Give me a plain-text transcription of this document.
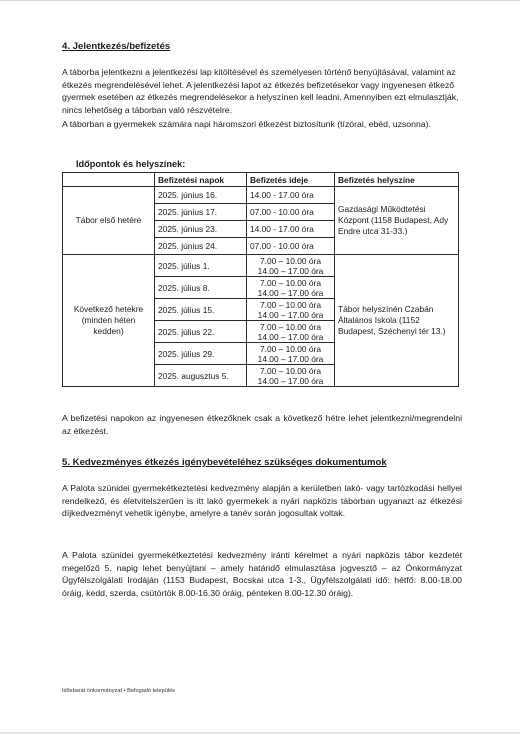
4. Jelentkezés/befizetés

A táborba jelentkezni a jelentkezési lap kitöltésével és személyesen történő benyújtásával, valamint az étkezés megrendelésével lehet. A jelentkezési lapot az étkezés befizetésekor vagy ingyenesen étkező gyermek esetében az étkezés megrendelésekor a helyszínen kell leadni. Amennyiben ezt elmulasztják, nincs lehetőség a táborban való részvételre.

A táborban a gyermekek számára napi háromszori étkezést biztosítunk (tízórai, ebéd, uzsonna).

Időpontok és helyszínek:
	Befizetési napok	Befizetés ideje	Befizetés helyszíne
Tábor első hetére	2025. június 16.	14.00 - 17.00 óra	Gazdasági Működtetési Központ (1158 Budapest, Ady Endre utca 31-33.)
	2025. június 17.	07.00 - 10.00 óra	
	2025. június 23.	14.00 - 17.00 óra	
	2025. június 24.	07.00 - 10.00 óra	
Következő hetekre (minden héten kedden)	2025. július 1.	7.00 – 10.00 óra
14.00 – 17.00 óra	Tábor helyszínén Czabán Általános Iskola (1152 Budapest, Széchenyi tér 13.)
	2025. július 8.	7.00 – 10.00 óra
14.00 – 17.00 óra	
	2025. július 15.	7.00 – 10.00 óra
14.00 – 17.00 óra	
	2025. július 22.	7.00 – 10.00 óra
14.00 – 17.00 óra	
	2025. július 29.	7.00 – 10.00 óra
14.00 – 17.00 óra	
	2025. augusztus 5.	7.00 – 10.00 óra
14.00 – 17.00 óra	

A befizetési napokon az ingyenesen étkezőknek csak a következő hétre lehet jelentkezni/megrendelni az étkezést.

5. Kedvezményes étkezés igénybevételéhez szükséges dokumentumok

A Palota szünidei gyermekétkeztetési kedvezmény alapján a kerületben lakó- vagy tartózkodási hellyel rendelkező, és életvitelszerűen is itt lakó gyermekek a nyári napközis táborban ugyanazt az étkezési díjkedvezményt vehetik igénybe, amelyre a tanév során jogosultak voltak.

A Palota szünidei gyermekétkeztetési kedvezmény iránti kérelmet a nyári napközis tábor kezdetét megelőző 5. napig lehet benyújtani – amely határidő elmulasztása jogvesztő – az Önkormányzat Ügyfélszolgálati Irodáján (1153 Budapest, Bocskai utca 1-3., Ügyfélszolgálati idő: hétfő: 8.00-18.00 óráig, kedd, szerda, csütörtök 8.00-16.30 óráig, pénteken 8.00-12.30 óráig).

Idősbarát önkormányzat • Befogadó település
